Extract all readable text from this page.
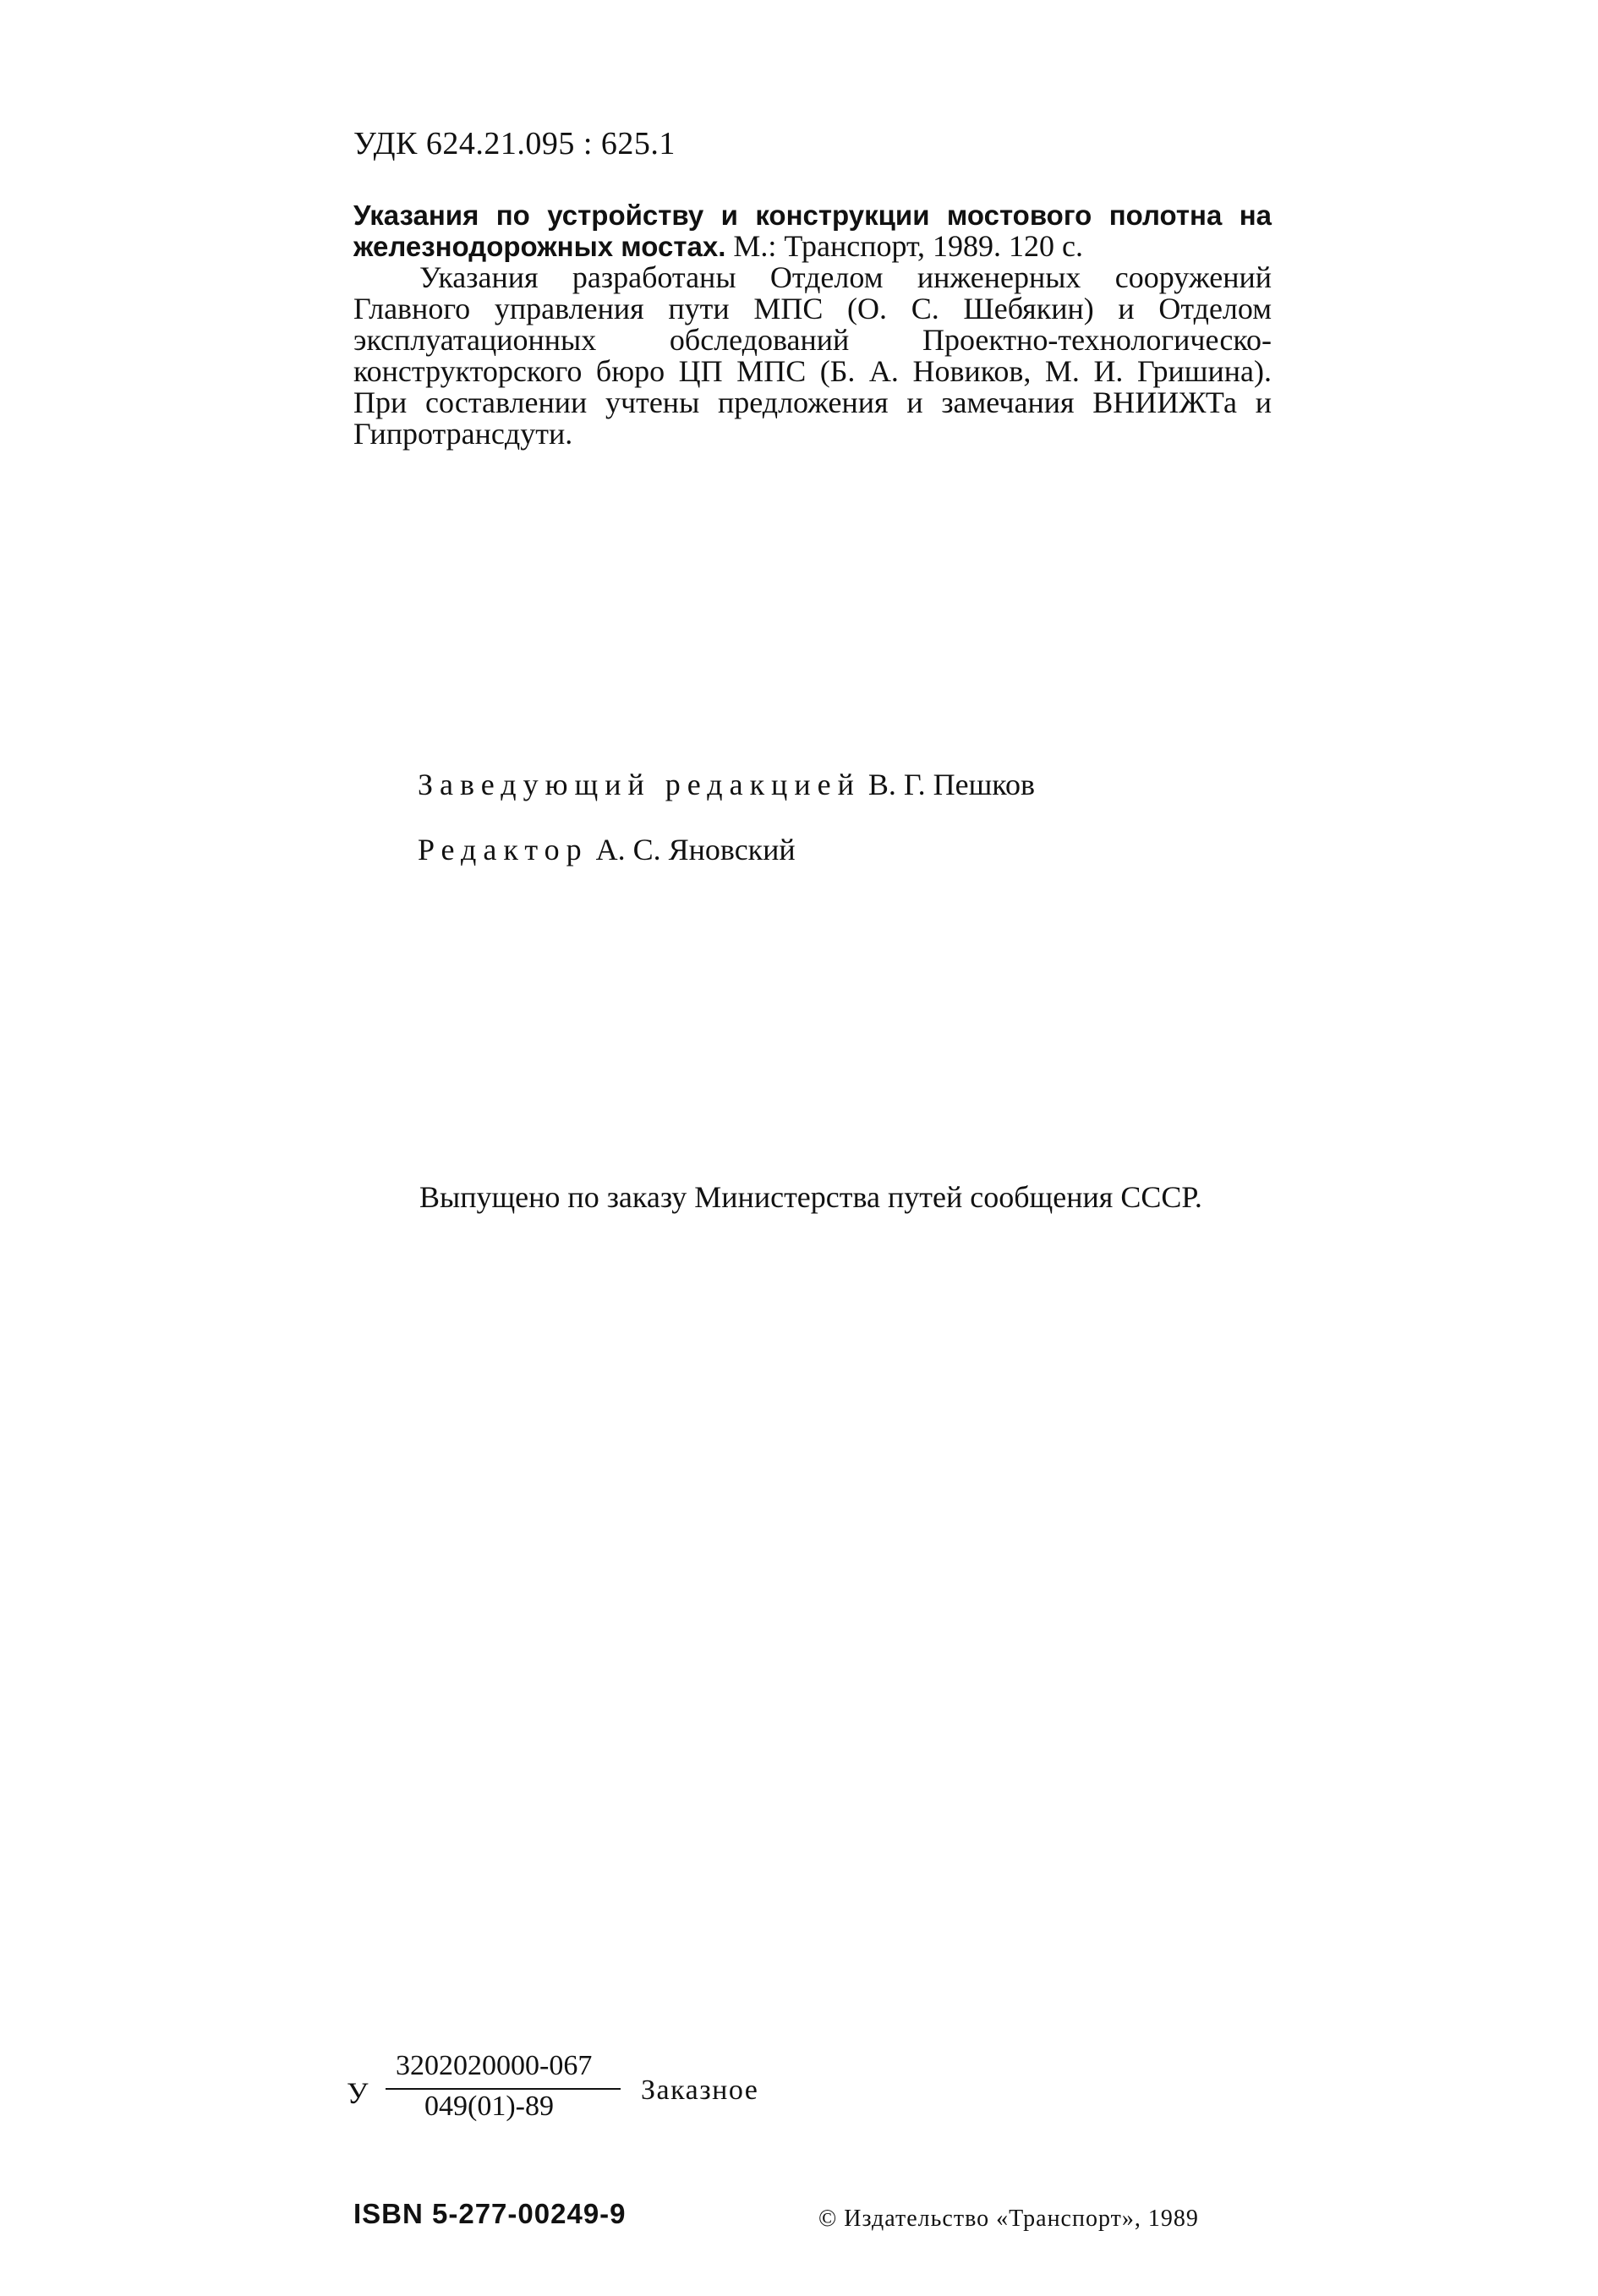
УДК 624.21.095 : 625.1
Указания по устройству и конструкции мостового полотна на железнодорожных мостах. М.: Транспорт, 1989. 120 с.
Указания разработаны Отделом инженерных сооружений Главного управления пути МПС (О. С. Шебякин) и Отделом эксплуатационных обследований Проектно-технологическо-конструкторского бюро ЦП МПС (Б. А. Новиков, М. И. Гришина). При составлении учтены предложения и замечания ВНИИЖТа и Гипротрансдути.
Заведующий редакцией В. Г. Пешков
Редактор А. С. Яновский
Выпущено по заказу Министерства путей сообщения СССР.
У
3202020000-067
049(01)-89
Заказное
ISBN 5-277-00249-9	© Издательство «Транспорт», 1989
